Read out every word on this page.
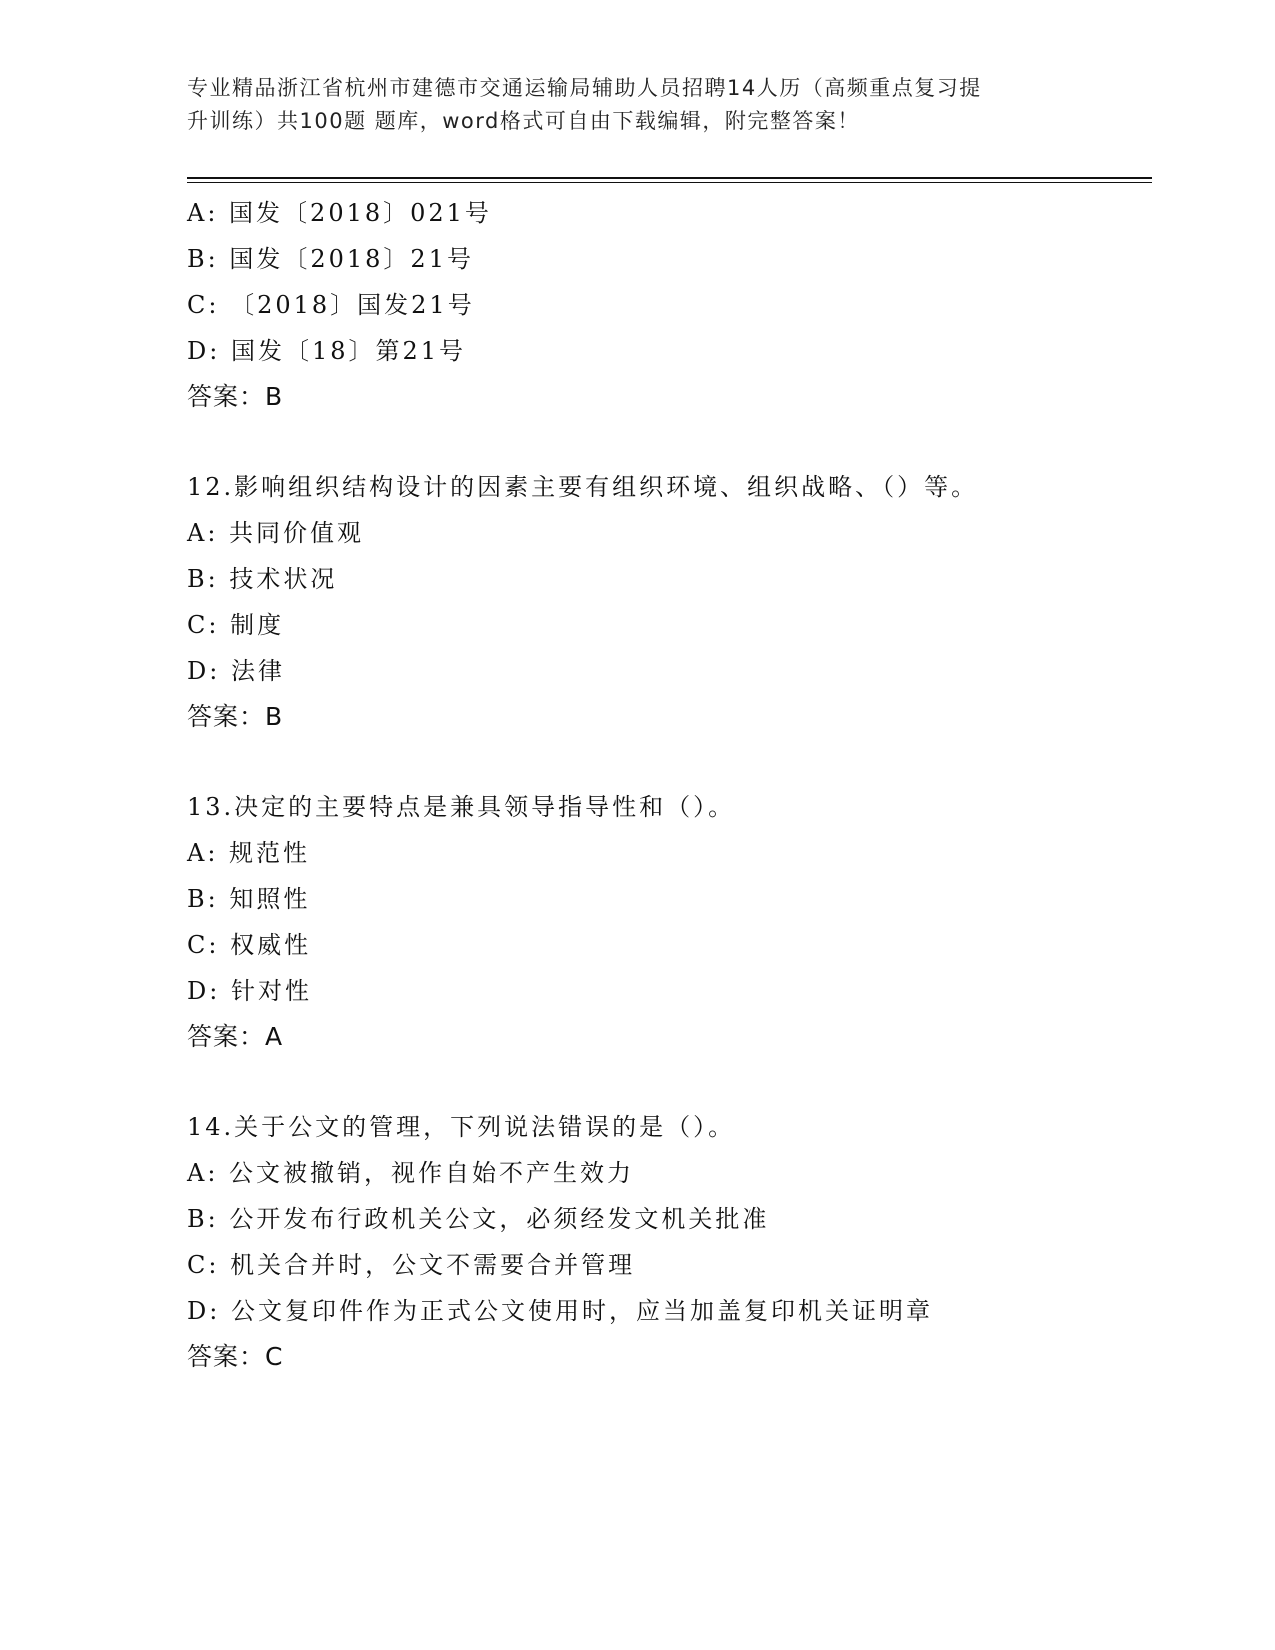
专业精品浙江省杭州市建德市交通运输局辅助人员招聘14人历（高频重点复习提
升训练）共100题 题库，word格式可自由下载编辑，附完整答案！
A: 国发〔2018〕021号
B: 国发〔2018〕21号
C: 〔2018〕国发21号
D: 国发〔18〕第21号
答案：B
12.影响组织结构设计的因素主要有组织环境、组织战略、（）等。
A: 共同价值观
B: 技术状况
C: 制度
D: 法律
答案：B
13.决定的主要特点是兼具领导指导性和（）。
A: 规范性
B: 知照性
C: 权威性
D: 针对性
答案：A
14.关于公文的管理，下列说法错误的是（）。
A: 公文被撤销，视作自始不产生效力
B: 公开发布行政机关公文，必须经发文机关批准
C: 机关合并时，公文不需要合并管理
D: 公文复印件作为正式公文使用时，应当加盖复印机关证明章
答案：C
